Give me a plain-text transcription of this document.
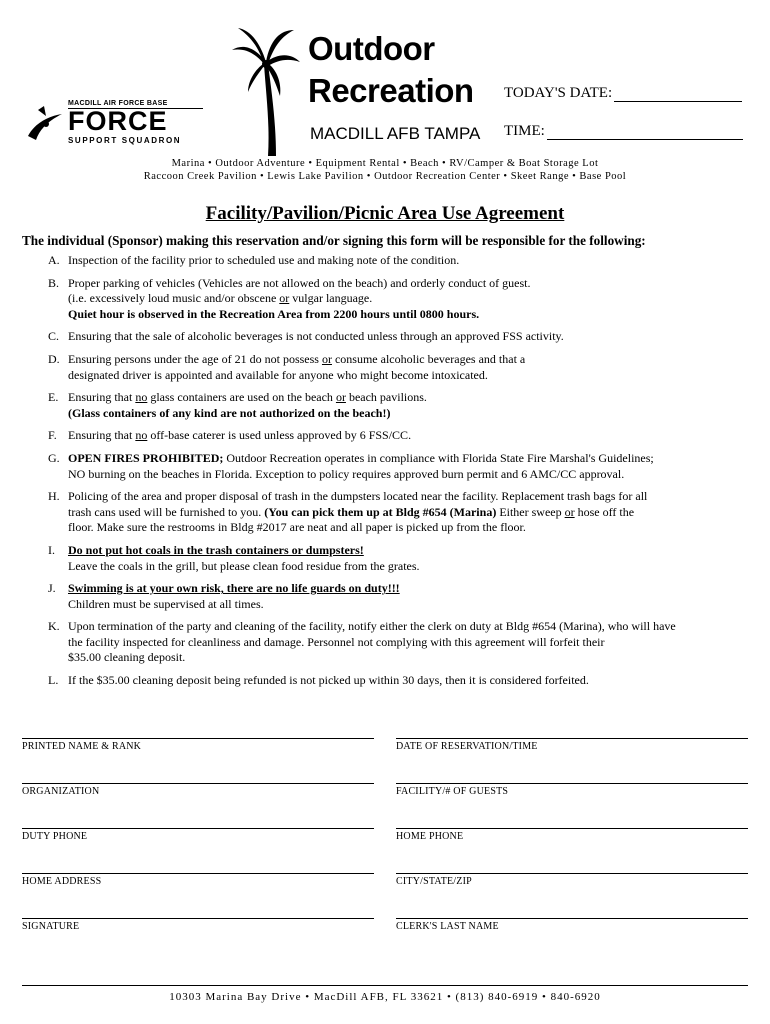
MACDILL AIR FORCE BASE
FORCE
SUPPORT SQUADRON
Outdoor
Recreation
MACDILL AFB TAMPA
TODAY'S DATE:
TIME:
Marina • Outdoor Adventure • Equipment Rental • Beach • RV/Camper & Boat Storage Lot
Raccoon Creek Pavilion • Lewis Lake Pavilion • Outdoor Recreation Center • Skeet Range • Base Pool
Facility/Pavilion/Picnic Area Use Agreement
The individual (Sponsor) making this reservation and/or signing this form will be responsible for the following:
A. Inspection of the facility prior to scheduled use and making note of the condition.
B. Proper parking of vehicles (Vehicles are not allowed on the beach) and orderly conduct of guest.
(i.e. excessively loud music and/or obscene or vulgar language.
Quiet hour is observed in the Recreation Area from 2200 hours until 0800 hours.
C. Ensuring that the sale of alcoholic beverages is not conducted unless through an approved FSS activity.
D. Ensuring persons under the age of 21 do not possess or consume alcoholic beverages and that a
designated driver is appointed and available for anyone who might become intoxicated.
E. Ensuring that no glass containers are used on the beach or beach pavilions.
(Glass containers of any kind are not authorized on the beach!)
F. Ensuring that no off-base caterer is used unless approved by 6 FSS/CC.
G. OPEN FIRES PROHIBITED; Outdoor Recreation operates in compliance with Florida State Fire Marshal's Guidelines;
NO burning on the beaches in Florida. Exception to policy requires approved burn permit and 6 AMC/CC approval.
H. Policing of the area and proper disposal of trash in the dumpsters located near the facility. Replacement trash bags for all
trash cans used will be furnished to you. (You can pick them up at Bldg #654 (Marina) Either sweep or hose off the
floor. Make sure the restrooms in Bldg #2017 are neat and all paper is picked up from the floor.
I. Do not put hot coals in the trash containers or dumpsters!
Leave the coals in the grill, but please clean food residue from the grates.
J. Swimming is at your own risk, there are no life guards on duty!!!
Children must be supervised at all times.
K. Upon termination of the party and cleaning of the facility, notify either the clerk on duty at Bldg #654 (Marina), who will have
the facility inspected for cleanliness and damage. Personnel not complying with this agreement will forfeit their
$35.00 cleaning deposit.
L. If the $35.00 cleaning deposit being refunded is not picked up within 30 days, then it is considered forfeited.
PRINTED NAME & RANK	DATE OF RESERVATION/TIME
ORGANIZATION	FACILITY/# OF GUESTS
DUTY PHONE	HOME PHONE
HOME ADDRESS	CITY/STATE/ZIP
SIGNATURE	CLERK'S LAST NAME
10303 Marina Bay Drive • MacDill AFB, FL 33621 • (813) 840-6919 • 840-6920
